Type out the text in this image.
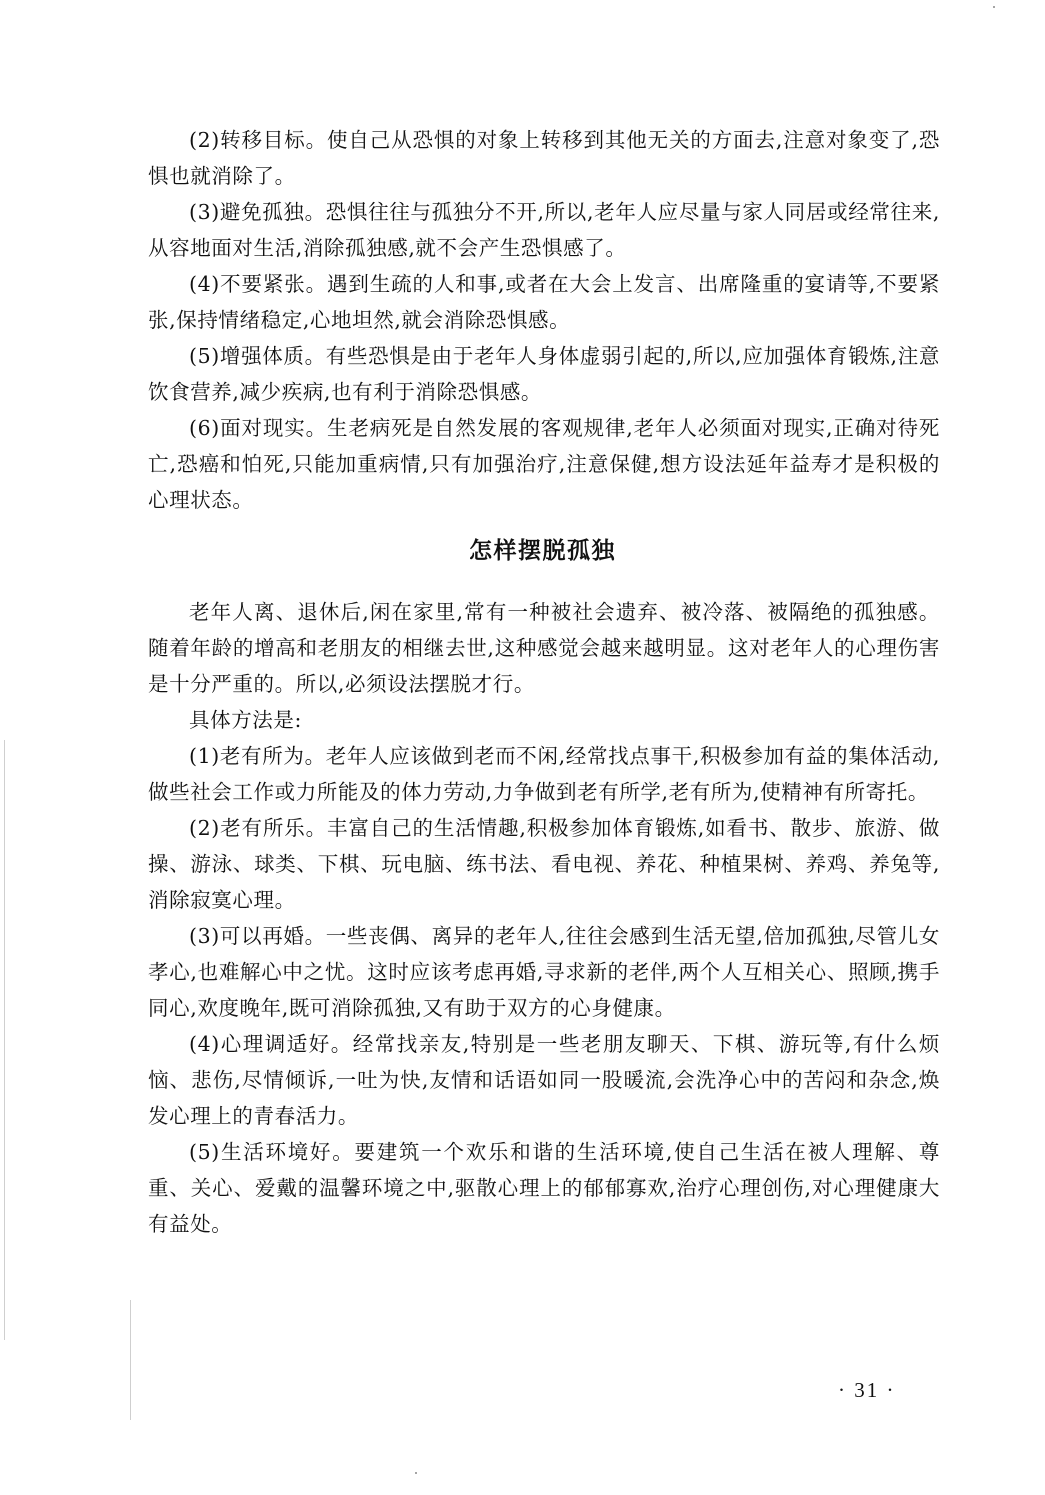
(2)转移目标。使自己从恐惧的对象上转移到其他无关的方面去,注意对象变了,恐惧也就消除了。

(3)避免孤独。恐惧往往与孤独分不开,所以,老年人应尽量与家人同居或经常往来,从容地面对生活,消除孤独感,就不会产生恐惧感了。

(4)不要紧张。遇到生疏的人和事,或者在大会上发言、出席隆重的宴请等,不要紧张,保持情绪稳定,心地坦然,就会消除恐惧感。

(5)增强体质。有些恐惧是由于老年人身体虚弱引起的,所以,应加强体育锻炼,注意饮食营养,减少疾病,也有利于消除恐惧感。

(6)面对现实。生老病死是自然发展的客观规律,老年人必须面对现实,正确对待死亡,恐癌和怕死,只能加重病情,只有加强治疗,注意保健,想方设法延年益寿才是积极的心理状态。

怎样摆脱孤独

老年人离、退休后,闲在家里,常有一种被社会遗弃、被冷落、被隔绝的孤独感。随着年龄的增高和老朋友的相继去世,这种感觉会越来越明显。这对老年人的心理伤害是十分严重的。所以,必须设法摆脱才行。

具体方法是:

(1)老有所为。老年人应该做到老而不闲,经常找点事干,积极参加有益的集体活动,做些社会工作或力所能及的体力劳动,力争做到老有所学,老有所为,使精神有所寄托。

(2)老有所乐。丰富自己的生活情趣,积极参加体育锻炼,如看书、散步、旅游、做操、游泳、球类、下棋、玩电脑、练书法、看电视、养花、种植果树、养鸡、养兔等,消除寂寞心理。

(3)可以再婚。一些丧偶、离异的老年人,往往会感到生活无望,倍加孤独,尽管儿女孝心,也难解心中之忧。这时应该考虑再婚,寻求新的老伴,两个人互相关心、照顾,携手同心,欢度晚年,既可消除孤独,又有助于双方的心身健康。

(4)心理调适好。经常找亲友,特别是一些老朋友聊天、下棋、游玩等,有什么烦恼、悲伤,尽情倾诉,一吐为快,友情和话语如同一股暖流,会洗净心中的苦闷和杂念,焕发心理上的青春活力。

(5)生活环境好。要建筑一个欢乐和谐的生活环境,使自己生活在被人理解、尊重、关心、爱戴的温馨环境之中,驱散心理上的郁郁寡欢,治疗心理创伤,对心理健康大有益处。

· 31 ·
